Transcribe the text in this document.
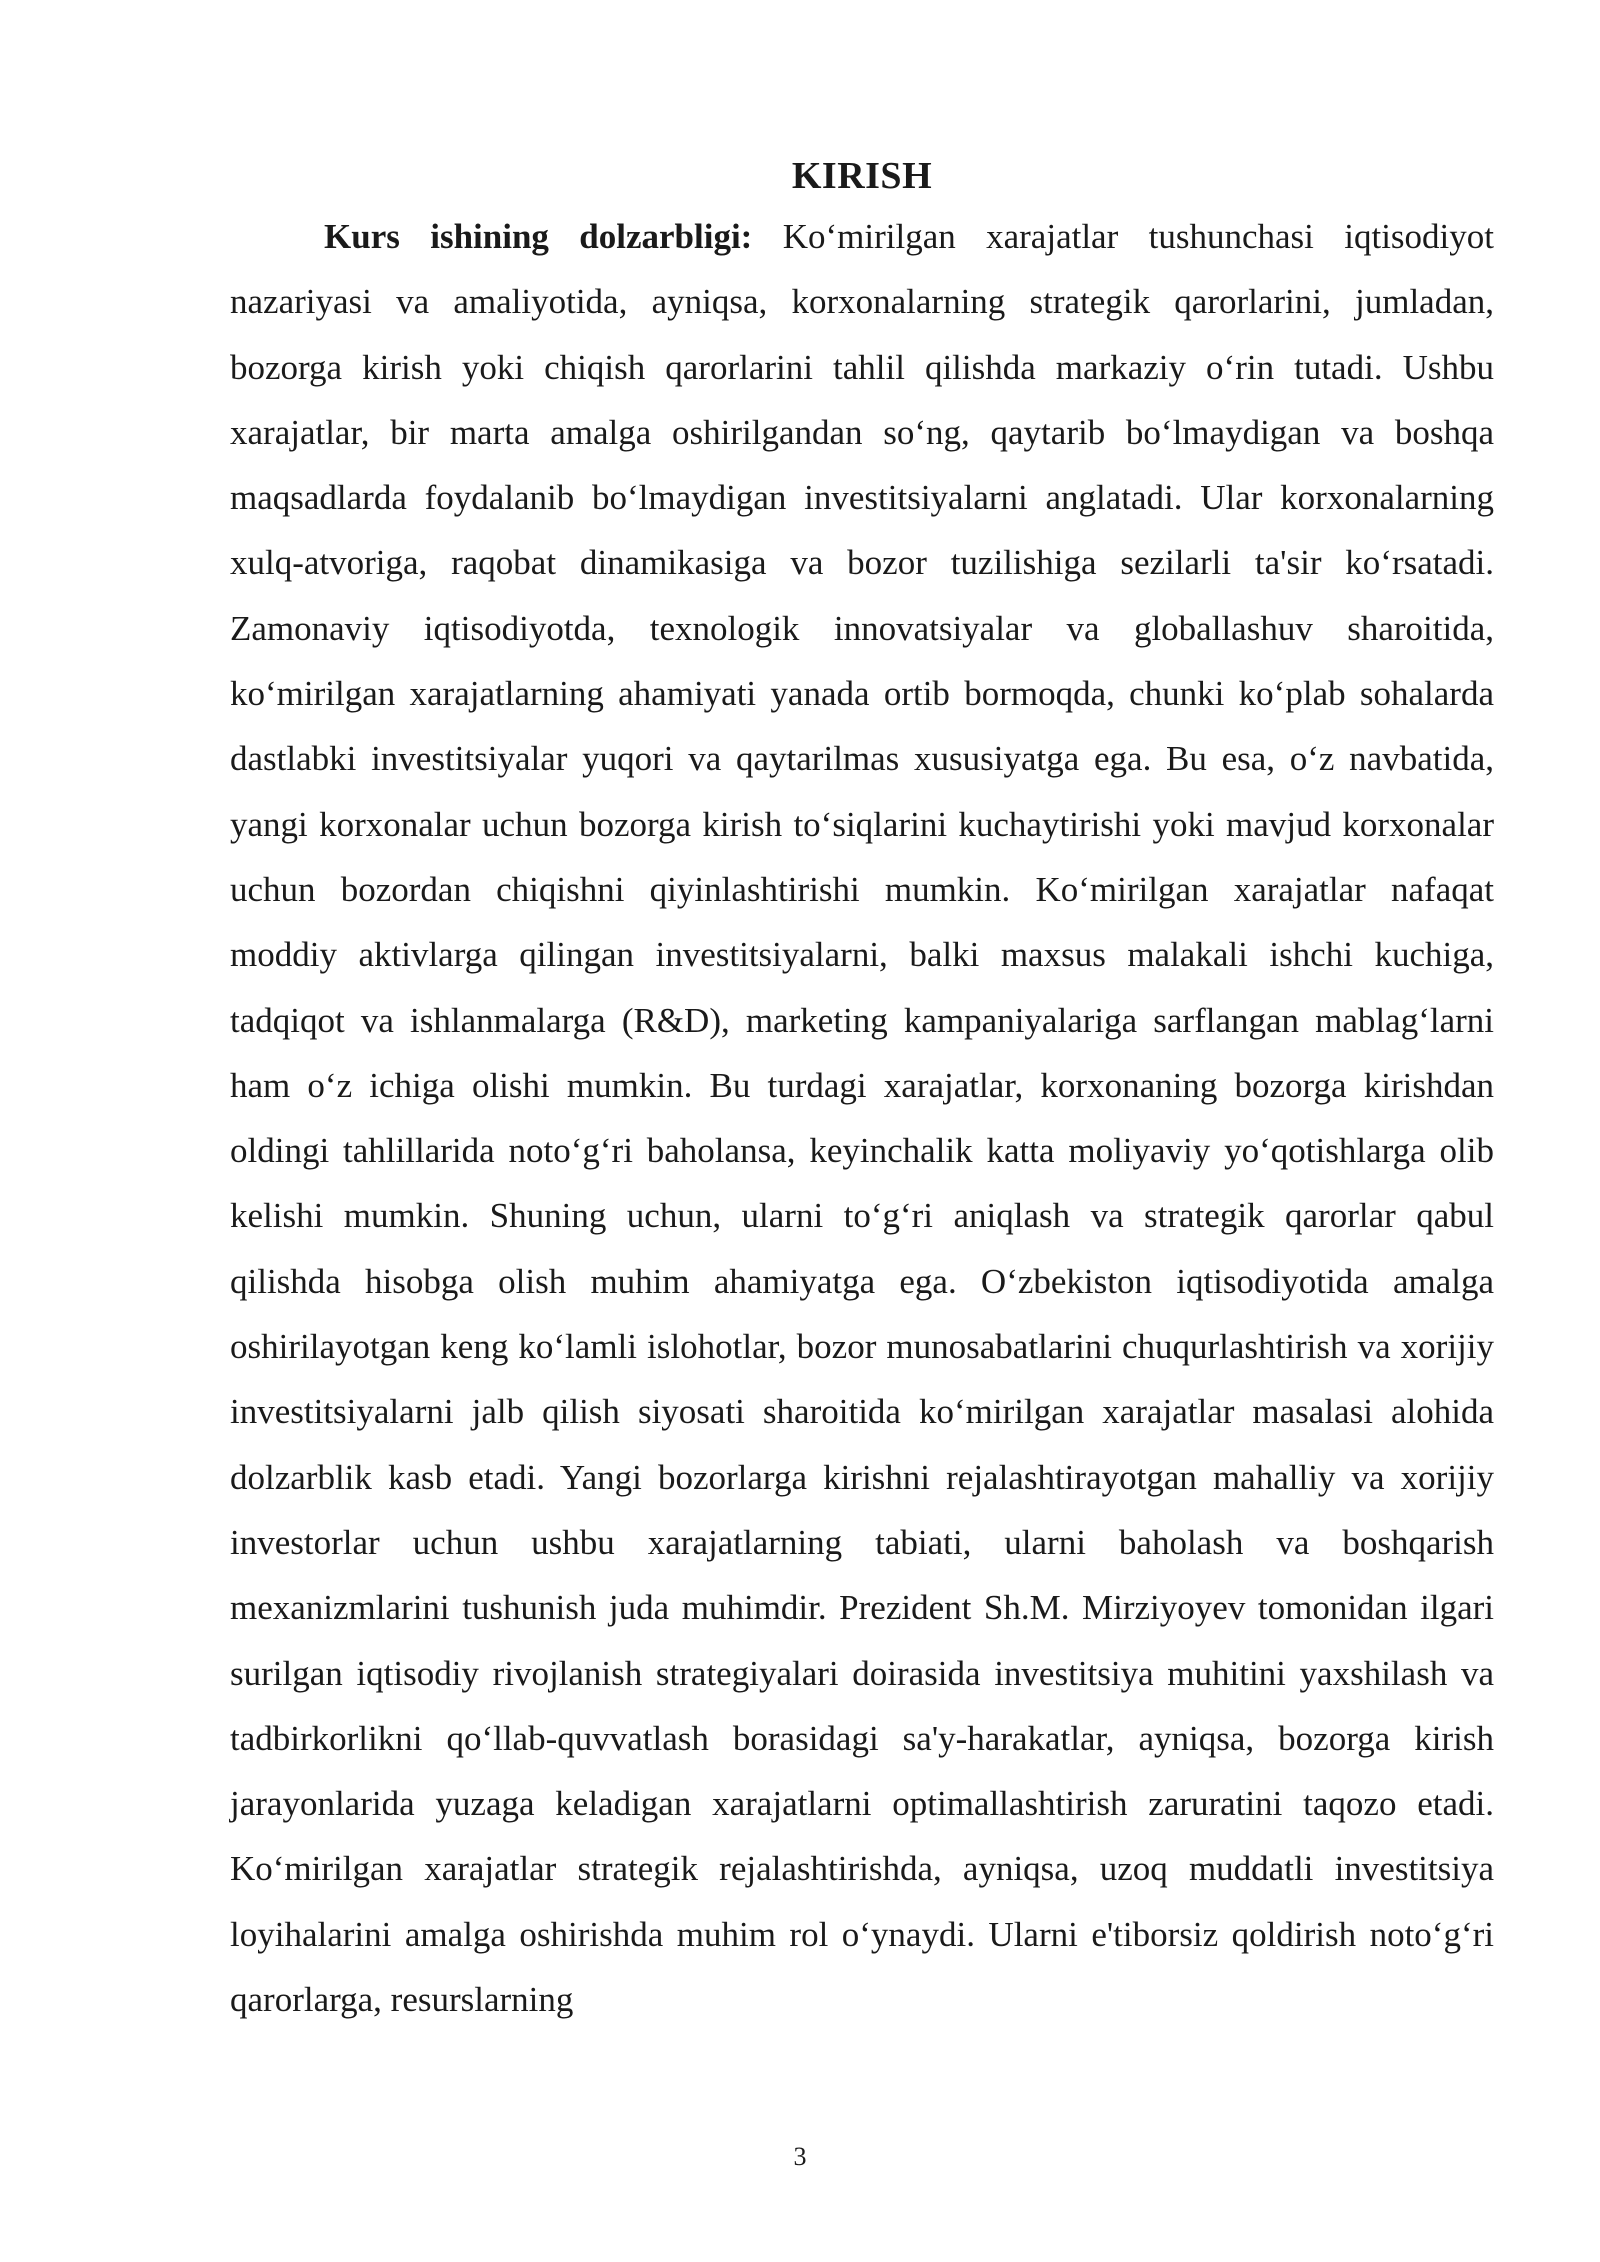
KIRISH

Kurs ishining dolzarbligi: Ko‘mirilgan xarajatlar tushunchasi iqtisodiyot nazariyasi va amaliyotida, ayniqsa, korxonalarning strategik qarorlarini, jumladan, bozorga kirish yoki chiqish qarorlarini tahlil qilishda markaziy o‘rin tutadi. Ushbu xarajatlar, bir marta amalga oshirilgandan so‘ng, qaytarib bo‘lmaydigan va boshqa maqsadlarda foydalanib bo‘lmaydigan investitsiyalarni anglatadi. Ular korxonalarning xulq-atvoriga, raqobat dinamikasiga va bozor tuzilishiga sezilarli ta'sir ko‘rsatadi. Zamonaviy iqtisodiyotda, texnologik innovatsiyalar va globallashuv sharoitida, ko‘mirilgan xarajatlarning ahamiyati yanada ortib bormoqda, chunki ko‘plab sohalarda dastlabki investitsiyalar yuqori va qaytarilmas xususiyatga ega. Bu esa, o‘z navbatida, yangi korxonalar uchun bozorga kirish to‘siqlarini kuchaytirishi yoki mavjud korxonalar uchun bozordan chiqishni qiyinlashtirishi mumkin. Ko‘mirilgan xarajatlar nafaqat moddiy aktivlarga qilingan investitsiyalarni, balki maxsus malakali ishchi kuchiga, tadqiqot va ishlanmalarga (R&D), marketing kampaniyalariga sarflangan mablag‘larni ham o‘z ichiga olishi mumkin. Bu turdagi xarajatlar, korxonaning bozorga kirishdan oldingi tahlillarida noto‘g‘ri baholansa, keyinchalik katta moliyaviy yo‘qotishlarga olib kelishi mumkin. Shuning uchun, ularni to‘g‘ri aniqlash va strategik qarorlar qabul qilishda hisobga olish muhim ahamiyatga ega. O‘zbekiston iqtisodiyotida amalga oshirilayotgan keng ko‘lamli islohotlar, bozor munosabatlarini chuqurlashtirish va xorijiy investitsiyalarni jalb qilish siyosati sharoitida ko‘mirilgan xarajatlar masalasi alohida dolzarblik kasb etadi. Yangi bozorlarga kirishni rejalashtirayotgan mahalliy va xorijiy investorlar uchun ushbu xarajatlarning tabiati, ularni baholash va boshqarish mexanizmlarini tushunish juda muhimdir. Prezident Sh.M. Mirziyoyev tomonidan ilgari surilgan iqtisodiy rivojlanish strategiyalari doirasida investitsiya muhitini yaxshilash va tadbirkorlikni qo‘llab-quvvatlash borasidagi sa'y-harakatlar, ayniqsa, bozorga kirish jarayonlarida yuzaga keladigan xarajatlarni optimallashtirish zaruratini taqozo etadi. Ko‘mirilgan xarajatlar strategik rejalashtirishda, ayniqsa, uzoq muddatli investitsiya loyihalarini amalga oshirishda muhim rol o‘ynaydi. Ularni e'tiborsiz qoldirish noto‘g‘ri qarorlarga, resurslarning

3
